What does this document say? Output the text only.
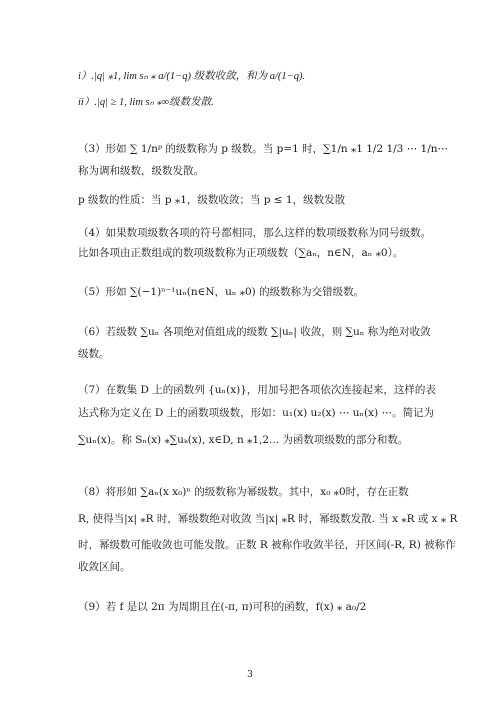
i）.|q| ⁎1, lim sₙ ⁎ a/(1−q) 级数收敛，和为 a/(1−q).
ii）.|q| ≥ 1, lim sₙ ⁎∞级数发散.
（3）形如 ∑ 1/nᵖ 的级数称为 p 级数。当 p=1 时，∑1/n ⁎1 1/2 1/3 ⋯ 1/n⋯
称为调和级数，级数发散。
p 级数的性质：当 p ⁎1，级数收敛；当 p ≤ 1，级数发散
（4）如果数项级数各项的符号都相同，那么这样的数项级数称为同号级数。
比如各项由正数组成的数项级数称为正项级数（∑aₙ，n∈N，aₙ ⁎0）。
（5）形如 ∑(−1)ⁿ⁻¹uₙ(n∈N，uₙ ⁎0) 的级数称为交错级数。
（6）若级数 ∑uₙ 各项绝对值组成的级数 ∑|uₙ| 收敛，则 ∑uₙ 称为绝对收敛
级数。
（7）在数集 D 上的函数列 {uₙ(x)}，用加号把各项依次连接起来，这样的表
达式称为定义在 D 上的函数项级数，形如：u₁(x) u₂(x) ⋯ uₙ(x) ⋯。简记为
∑uₙ(x)。称 Sₙ(x) ⁎∑uₖ(x), x∈D, n ⁎1,2... 为函数项级数的部分和数。
（8）将形如 ∑aₙ(x x₀)ⁿ 的级数称为幂级数。其中，x₀ ⁎0时，存在正数
R, 使得当|x| ⁎R 时，幂级数绝对收敛 当|x| ⁎R 时，幂级数发散. 当 x ⁎R 或 x ⁎ R
时，幂级数可能收敛也可能发散。正数 R 被称作收敛半径，开区间(-R, R) 被称作
收敛区间。
（9）若 f 是以 2π 为周期且在(-π, π)可积的函数，f(x) ⁎ a₀/2
3
